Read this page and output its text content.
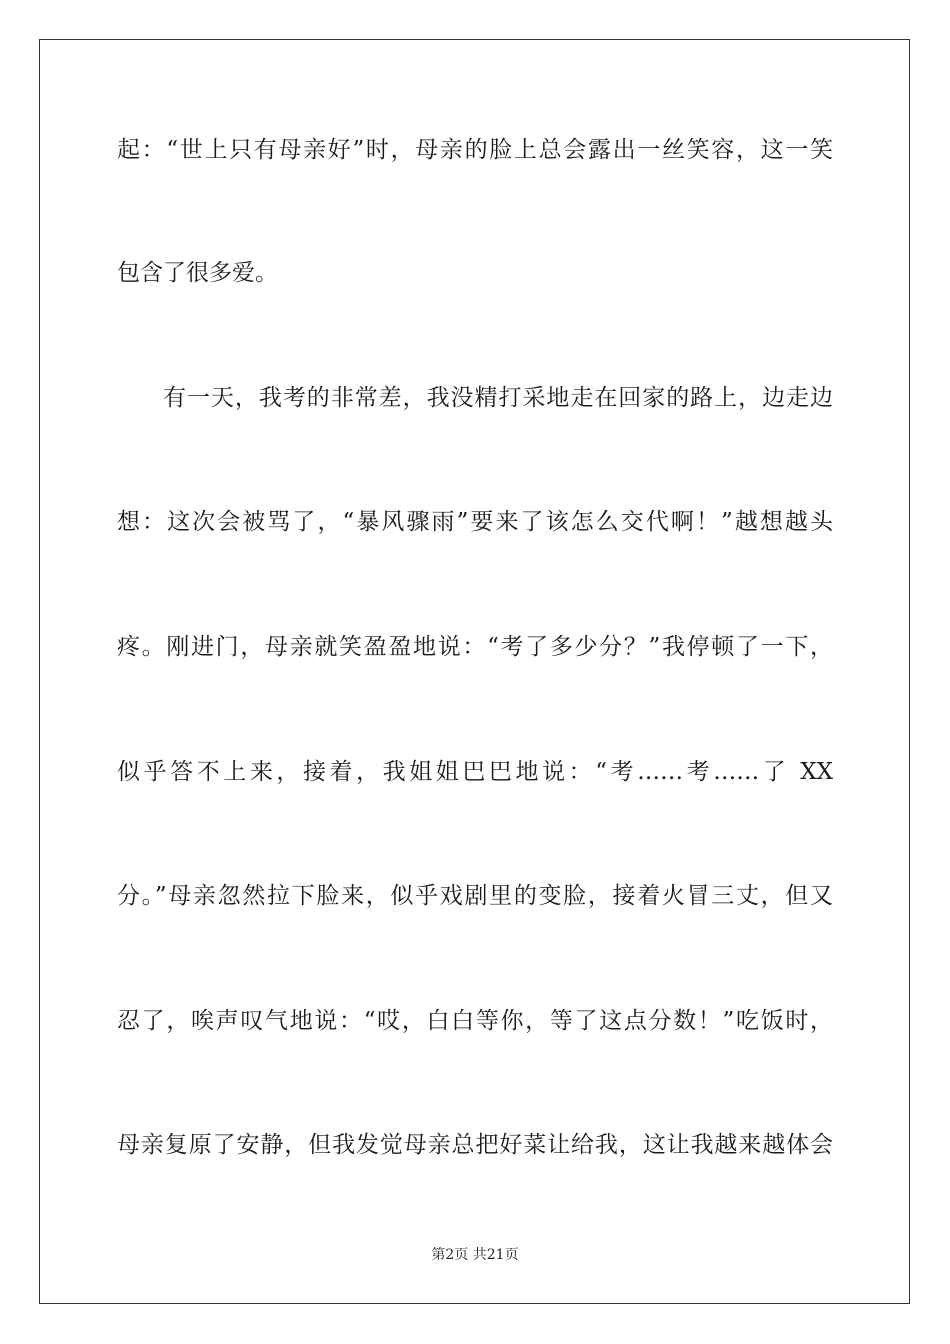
起：“世上只有母亲好”时，母亲的脸上总会露出一丝笑容，这一笑
包含了很多爱。
有一天，我考的非常差，我没精打采地走在回家的路上，边走边
想：这次会被骂了，“暴风骤雨”要来了该怎么交代啊！”越想越头
疼。刚进门，母亲就笑盈盈地说：“考了多少分？”我停顿了一下，
似乎答不上来，接着，我姐姐巴巴地说：“考……考……了 XX
分。”母亲忽然拉下脸来，似乎戏剧里的变脸，接着火冒三丈，但又
忍了，唉声叹气地说：“哎，白白等你，等了这点分数！”吃饭时，
母亲复原了安静，但我发觉母亲总把好菜让给我，这让我越来越体会
第2页 共21页
